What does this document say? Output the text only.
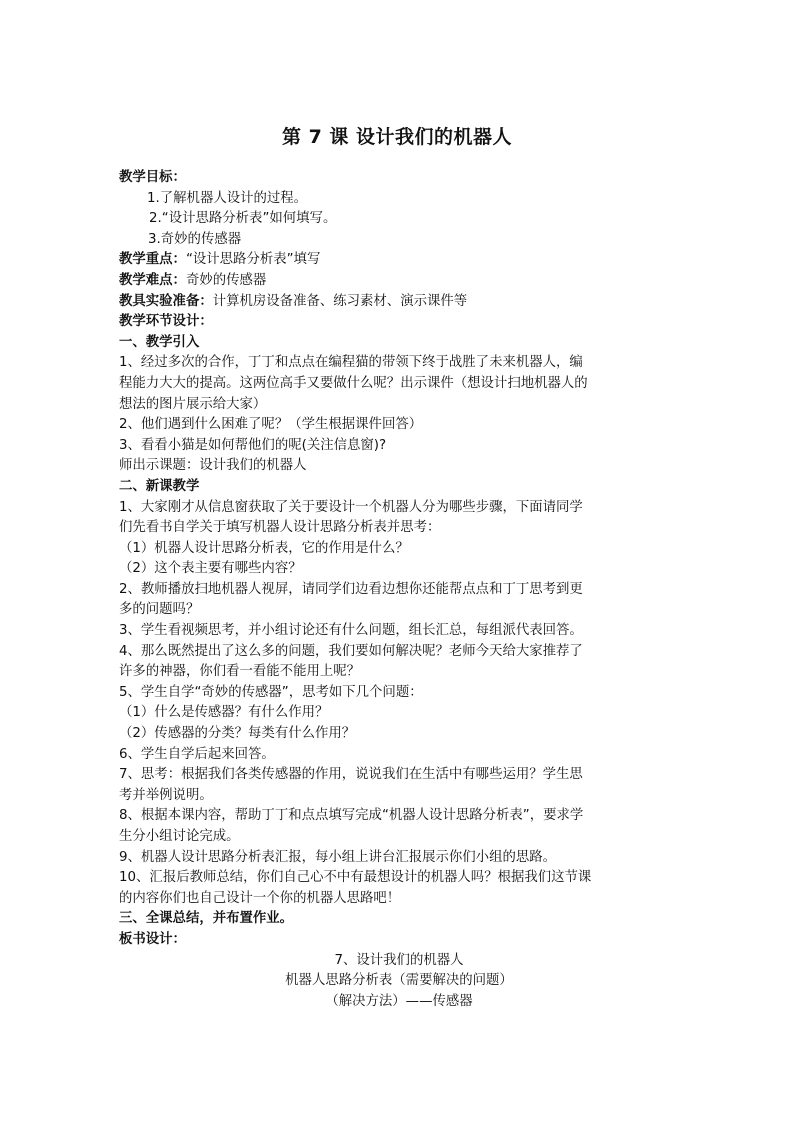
第 7 课 设计我们的机器人
教学目标：
1.了解机器人设计的过程。
2.“设计思路分析表”如何填写。
3.奇妙的传感器
教学重点：“设计思路分析表”填写
教学难点：奇妙的传感器
教具实验准备：计算机房设备准备、练习素材、演示课件等
教学环节设计：
一、教学引入
1、经过多次的合作，丁丁和点点在编程猫的带领下终于战胜了未来机器人，编
程能力大大的提高。这两位高手又要做什么呢？出示课件（想设计扫地机器人的
想法的图片展示给大家）
2、他们遇到什么困难了呢？（学生根据课件回答）
3、看看小猫是如何帮他们的呢(关注信息窗)?
师出示课题：设计我们的机器人
二、新课教学
1、大家刚才从信息窗获取了关于要设计一个机器人分为哪些步骤，下面请同学
们先看书自学关于填写机器人设计思路分析表并思考：
（1）机器人设计思路分析表，它的作用是什么？
（2）这个表主要有哪些内容？
2、教师播放扫地机器人视屏，请同学们边看边想你还能帮点点和丁丁思考到更
多的问题吗？
3、学生看视频思考，并小组讨论还有什么问题，组长汇总，每组派代表回答。
4、那么既然提出了这么多的问题，我们要如何解决呢？老师今天给大家推荐了
许多的神器，你们看一看能不能用上呢？
5、学生自学“奇妙的传感器”，思考如下几个问题：
（1）什么是传感器？有什么作用？
（2）传感器的分类？每类有什么作用？
6、学生自学后起来回答。
7、思考：根据我们各类传感器的作用，说说我们在生活中有哪些运用？学生思
考并举例说明。
8、根据本课内容，帮助丁丁和点点填写完成“机器人设计思路分析表”，要求学
生分小组讨论完成。
9、机器人设计思路分析表汇报，每小组上讲台汇报展示你们小组的思路。
10、汇报后教师总结，你们自己心不中有最想设计的机器人吗？根据我们这节课
的内容你们也自己设计一个你的机器人思路吧！
三、全课总结，并布置作业。
板书设计：
7、设计我们的机器人
机器人思路分析表（需要解决的问题）
（解决方法）——传感器
